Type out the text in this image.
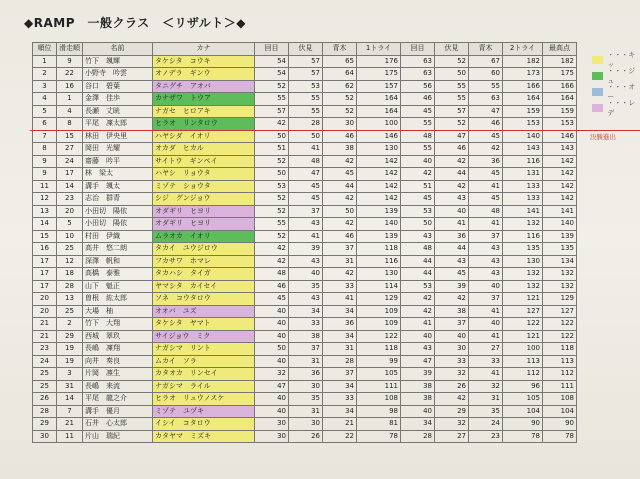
◆RAMP　一般クラス　＜リザルト＞◆
順位	滑走順	名前	カナ	回目	伏見	青木	1トライ	回目	伏見	青木	2トライ	最高点
1	9	竹下　颯輝	タケシタ　コウキ	54	57	65	176	63	52	67	182	182
2	22	小野寺　吟雲	オノデラ　ギンウ	54	57	64	175	63	50	60	173	175
3	16	谷口　碧葉	タニグチ　アオバ	52	53	62	157	56	55	55	166	166
4	1	金澤　佳歩	カナザワ　トウア	55	55	52	164	46	55	63	164	164
5	4	長瀬　丈晄	ナガセ　ヒロアキ	57	55	52	164	45	57	47	159	159
6	8	平尾　凜太郎	ヒラオ　リンタロウ	42	28	30	100	55	52	46	153	153
7	15	林田　伊央里	ハヤシダ　イオリ	50	50	46	146	48	47	45	140	146
8	27	岡田　光耀	オカダ　ヒカル	51	41	38	130	55	46	42	143	143
9	24	齋藤　吟平	サイトウ　ギンペイ	52	48	42	142	40	42	36	116	142
9	17	林　梁太	ハヤシ　リョウタ	50	47	45	142	42	44	45	131	142
11	14	溝手　颯太	ミゾテ　ショウタ	53	45	44	142	51	42	41	133	142
12	23	志治　群青	シジ　グンジョウ	52	45	42	142	45	43	45	133	142
13	20	小田切　陽依	オダギリ　ヒヨリ	52	37	50	139	53	40	48	141	141
14	5	小田切　陽依	オダギリ　ヒヨリ	55	43	42	140	50	41	41	132	140
15	10	村田　伊織	ムラオカ　イオリ	52	41	46	139	43	36	37	116	139
16	25	高井　悠二朗	タカイ　ユウジロウ	42	39	37	118	48	44	43	135	135
17	12	深澤　帆和	フカサワ　ホマレ	42	43	31	116	44	43	43	130	134
17	18	高橋　泰雅	タカハシ　タイガ	48	40	42	130	44	45	43	132	132
17	28	山下　魁正	ヤマシタ　カイセイ	46	35	33	114	53	39	40	132	132
20	13	曽根　紘太郎	ソネ　コウタロウ	45	43	41	129	42	42	37	121	129
20	25	大場　柚	オオバ　ユズ	40	34	34	109	42	38	41	127	127
21	2	竹下　大翔	タケシタ　ヤマト	40	33	36	109	41	37	40	122	122
21	29	西城　翠玖	サイジョウ　ミク	40	38	34	122	40	40	41	121	122
23	19	長嶋　凜翔	ナガシマ　リント	50	37	31	118	43	30	27	100	118
24	19	向井　奏良	ムカイ　ソラ	40	31	28	99	47	33	33	113	113
25	3	片岡　凛生	カタオカ　リンセイ	32	36	37	105	39	32	41	112	112
25	31	長嶋　来流	ナガシマ　ライル	47	30	34	111	38	26	32	96	111
26	14	平尾　龍之介	ヒラオ　リュウノスケ	40	35	33	108	38	42	31	105	108
28	7	溝手　優月	ミゾテ　ユヅキ	40	31	34	98	40	29	35	104	104
29	21	石井　心太郎	イシイ　コタロウ	30	30	21	81	34	32	24	90	90
30	11	片山　瑞紀	カタヤマ　ミズキ	30	26	22	78	28	27	23	78	78
決勝進出
・・・キッ
・・・ジュ
・・・オー
・・・レデ
